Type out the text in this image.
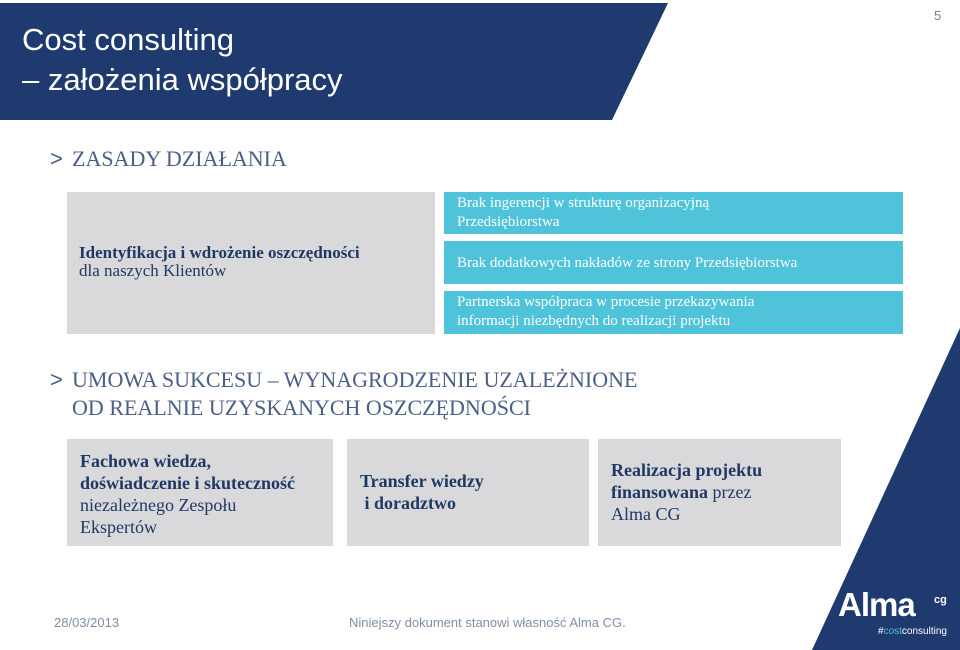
Cost consulting
– założenia współpracy
5
> ZASADY DZIAŁANIA
Identyfikacja i wdrożenie oszczędności
dla naszych Klientów
Brak ingerencji w strukturę organizacyjną
Przedsiębiorstwa
Brak dodatkowych nakładów ze strony Przedsiębiorstwa
Partnerska współpraca w procesie przekazywania
informacji niezbędnych do realizacji projektu
> UMOWA SUKCESU – WYNAGRODZENIE UZALEŻNIONE
OD REALNIE UZYSKANYCH OSZCZĘDNOŚCI
Fachowa wiedza,
doświadczenie i skuteczność
niezależnego Zespołu
Ekspertów
Transfer wiedzy
i doradztwo
Realizacja projektu
finansowana przez
Alma CG
28/03/2013	Niniejszy dokument stanowi własność Alma CG.	Alma cg
#costconsulting
